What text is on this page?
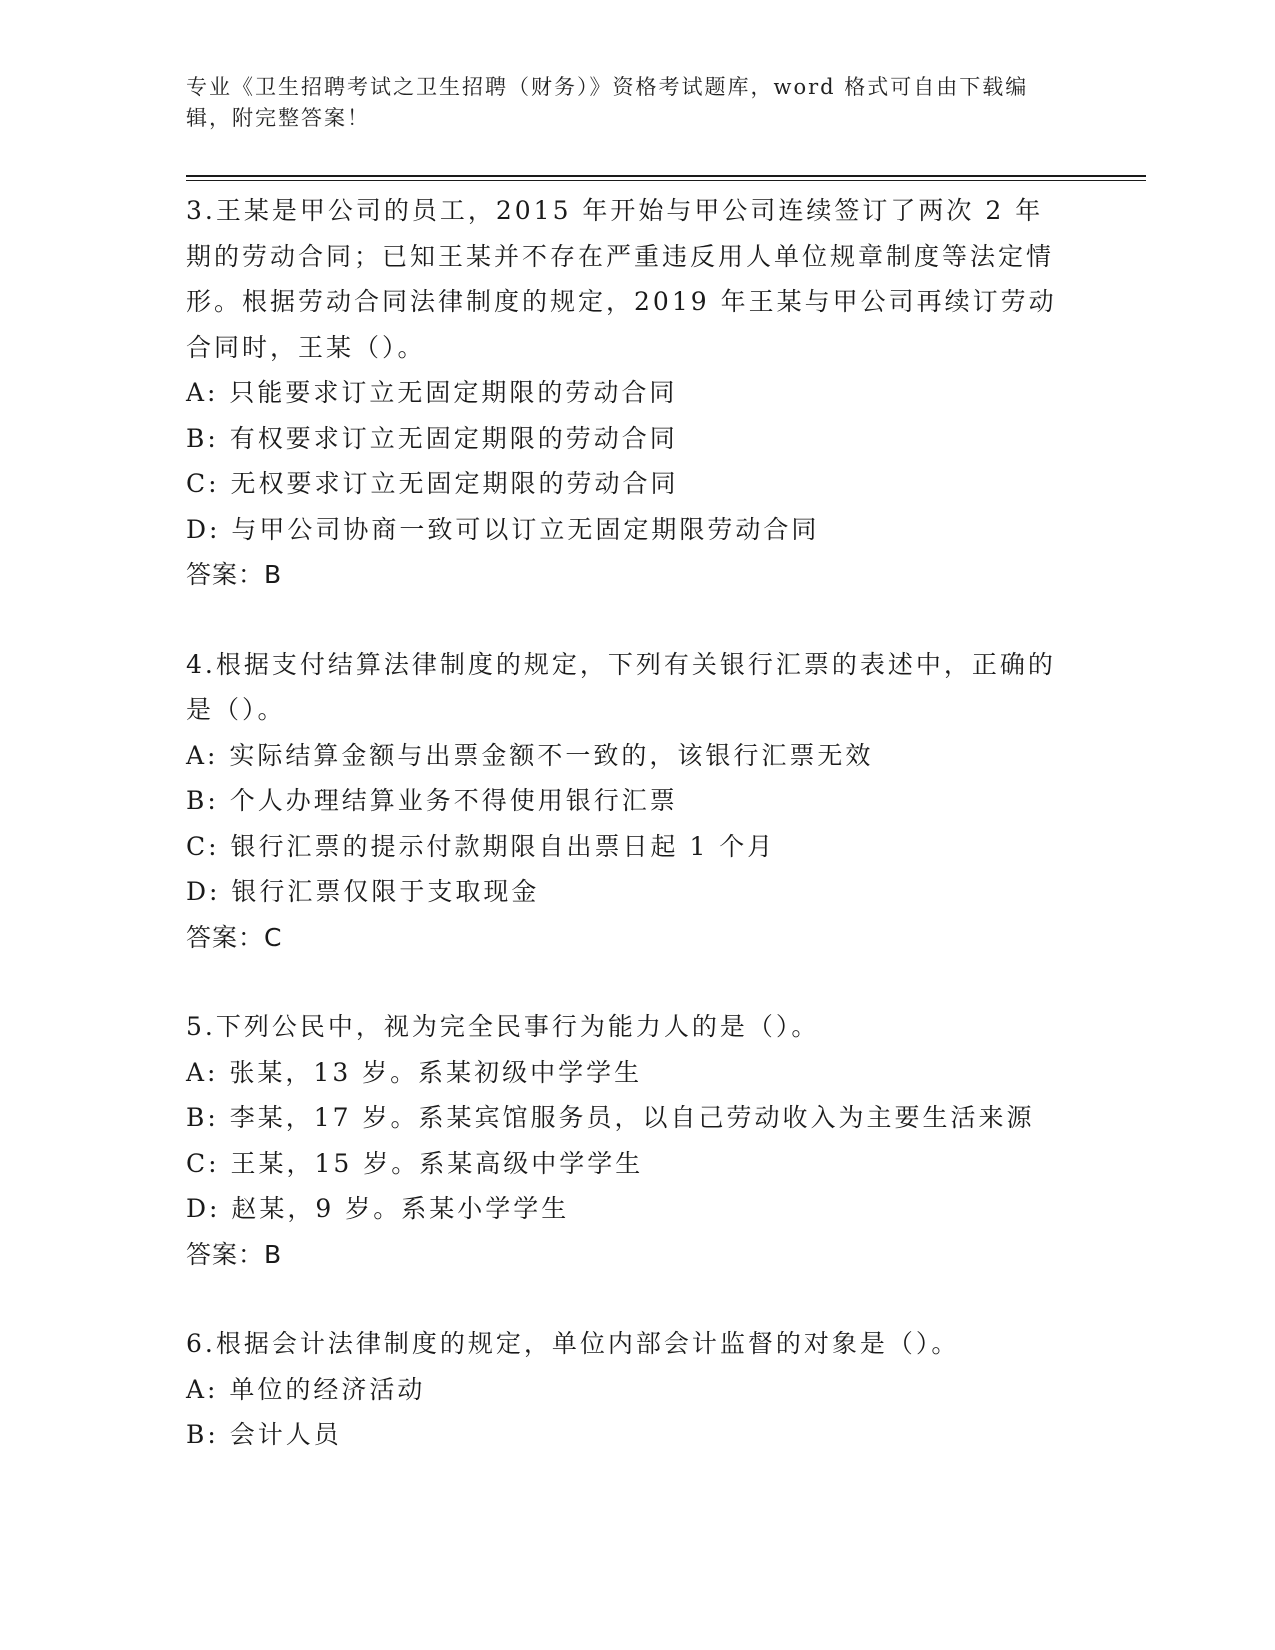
专业《卫生招聘考试之卫生招聘（财务）》资格考试题库，word 格式可自由下载编辑，附完整答案！

3.王某是甲公司的员工，2015 年开始与甲公司连续签订了两次 2 年期的劳动合同；已知王某并不存在严重违反用人单位规章制度等法定情形。根据劳动合同法律制度的规定，2019 年王某与甲公司再续订劳动合同时，王某（）。

A: 只能要求订立无固定期限的劳动合同

B: 有权要求订立无固定期限的劳动合同

C: 无权要求订立无固定期限的劳动合同

D: 与甲公司协商一致可以订立无固定期限劳动合同

答案：B

4.根据支付结算法律制度的规定，下列有关银行汇票的表述中，正确的是（）。

A: 实际结算金额与出票金额不一致的，该银行汇票无效

B: 个人办理结算业务不得使用银行汇票

C: 银行汇票的提示付款期限自出票日起 1 个月

D: 银行汇票仅限于支取现金

答案：C

5.下列公民中，视为完全民事行为能力人的是（）。

A: 张某，13 岁。系某初级中学学生

B: 李某，17 岁。系某宾馆服务员，以自己劳动收入为主要生活来源

C: 王某，15 岁。系某高级中学学生

D: 赵某，9 岁。系某小学学生

答案：B

6.根据会计法律制度的规定，单位内部会计监督的对象是（）。

A: 单位的经济活动

B: 会计人员
